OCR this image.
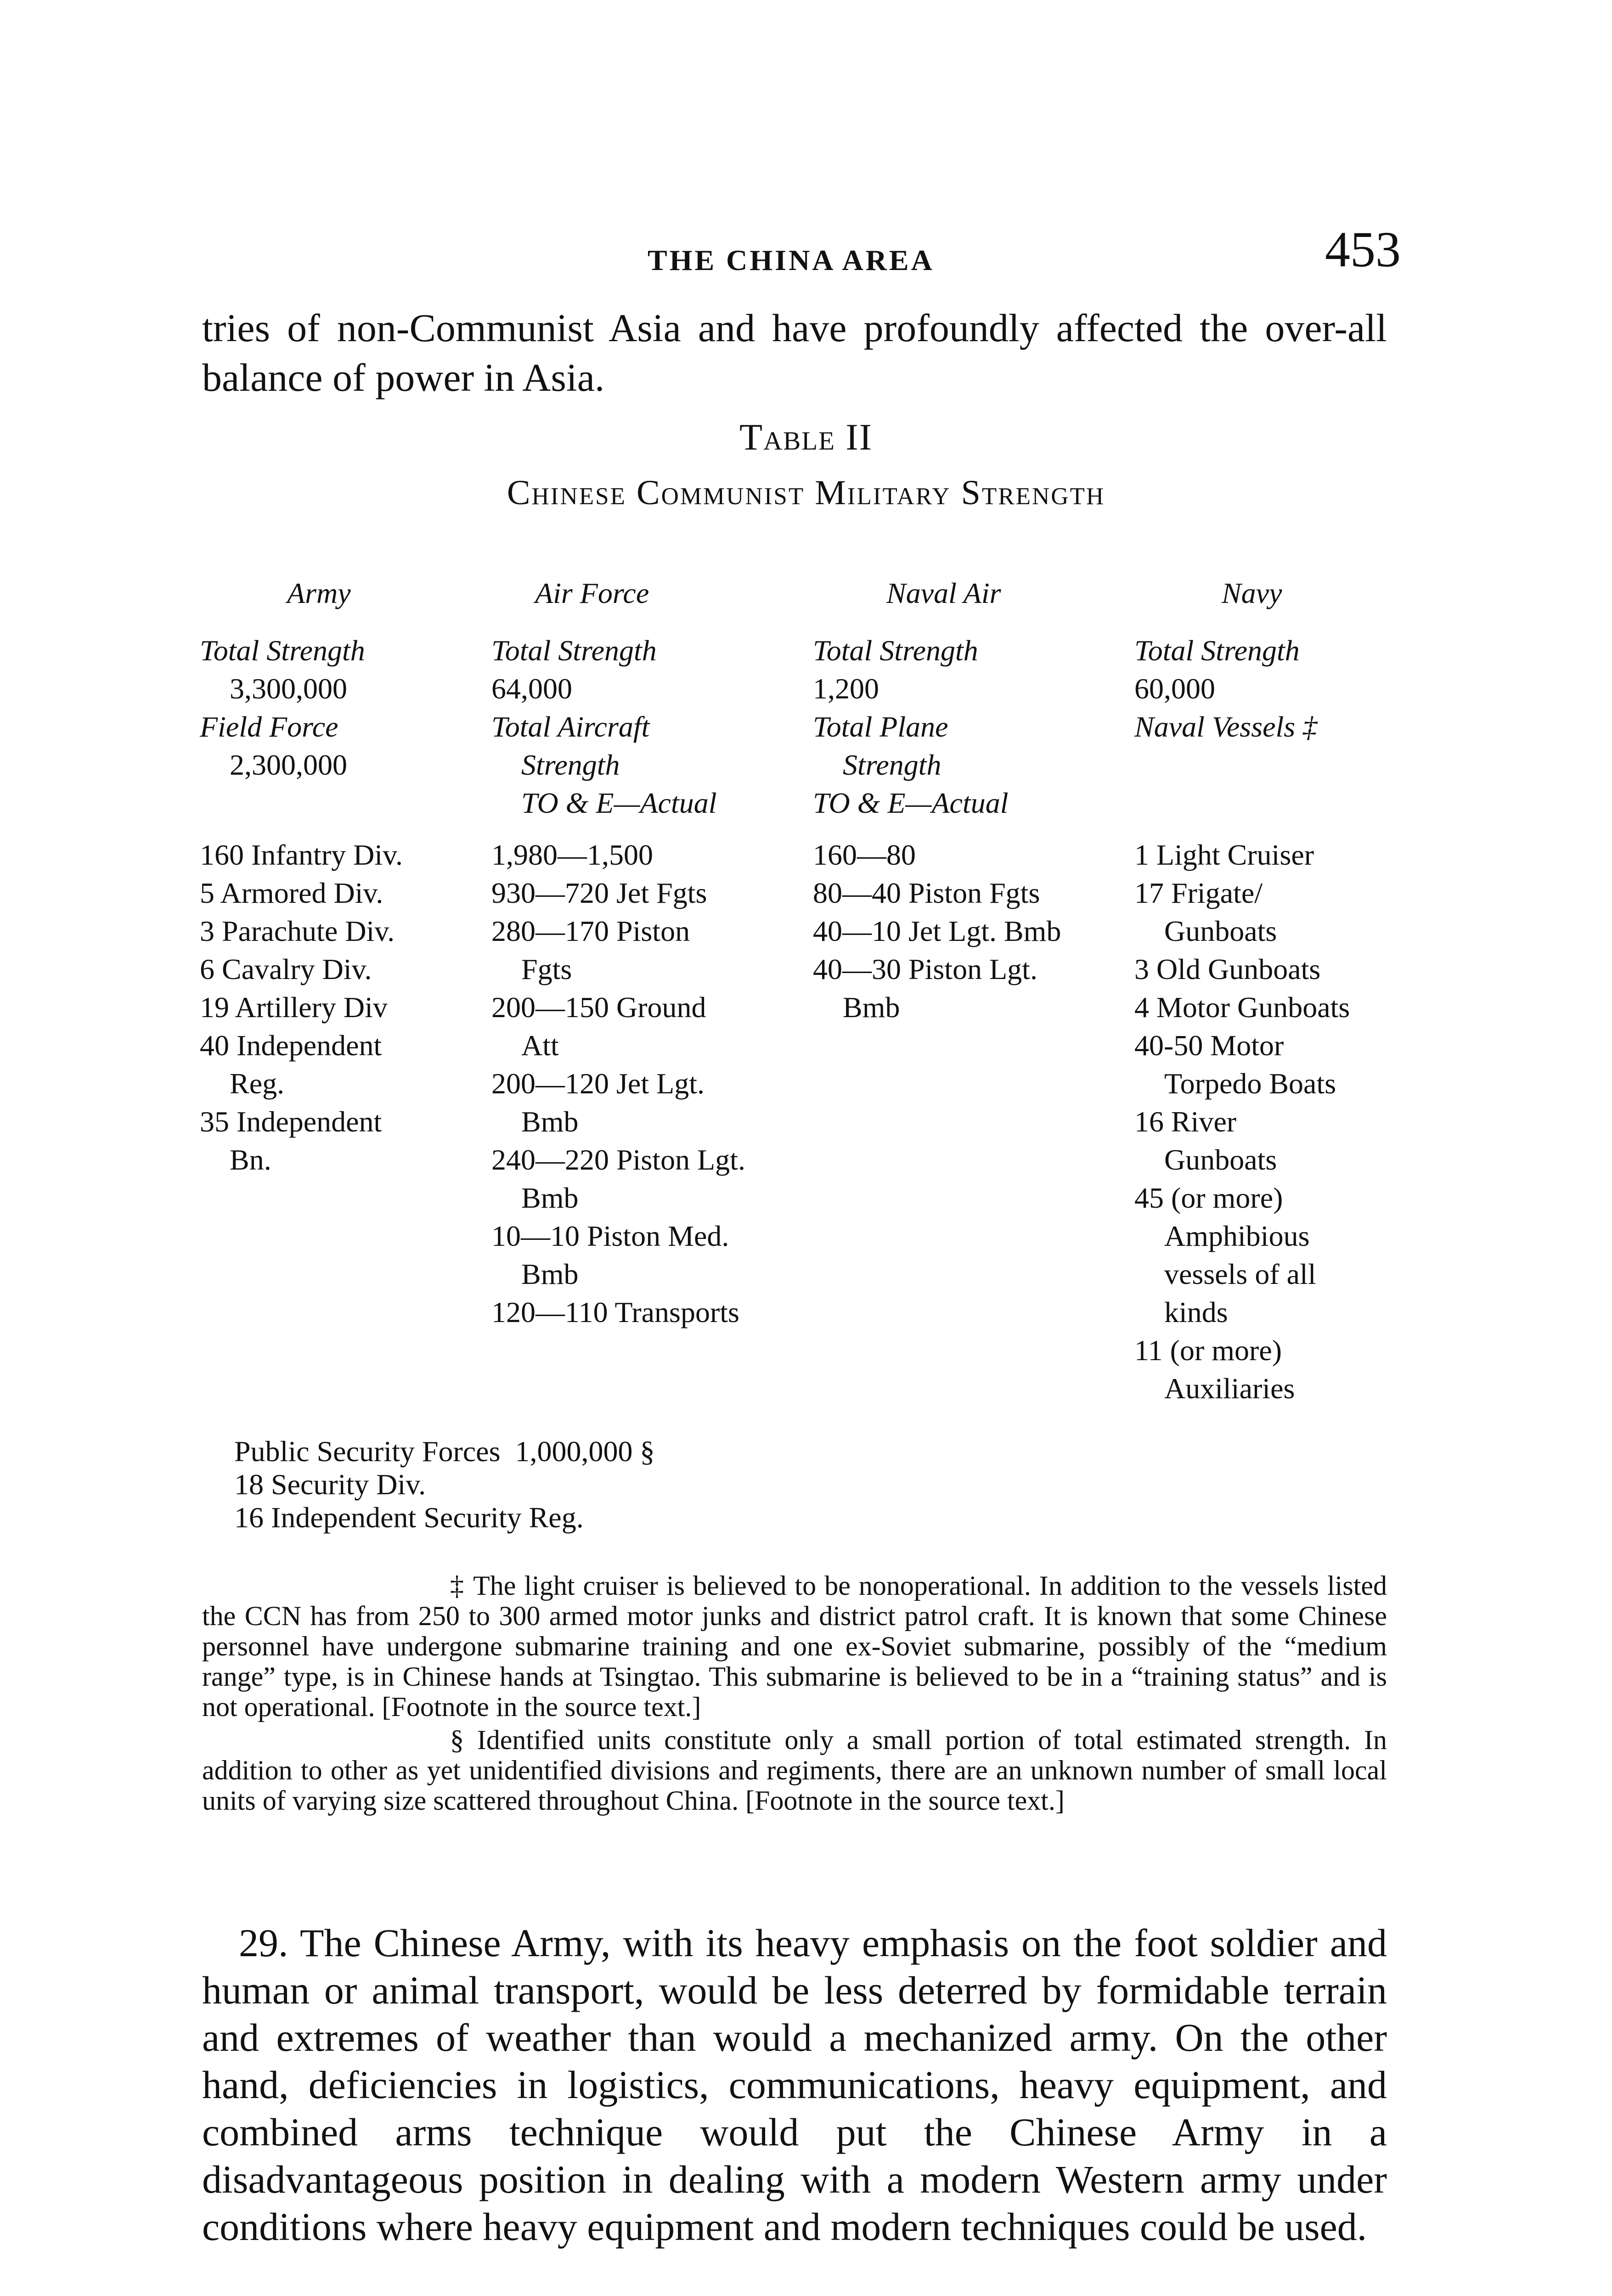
THE CHINA AREA	453
tries of non-Communist Asia and have profoundly affected the over-all balance of power in Asia.
Table II
Chinese Communist Military Strength
Army
Total Strength
3,300,000
Field Force
2,300,000
160 Infantry Div.
5 Armored Div.
3 Parachute Div.
6 Cavalry Div.
19 Artillery Div
40 Independent
Reg.
35 Independent
Bn.
Air Force
Total Strength
64,000
Total Aircraft
Strength
TO & E—Actual
1,980—1,500
930—720 Jet Fgts
280—170 Piston
Fgts
200—150 Ground
Att
200—120 Jet Lgt.
Bmb
240—220 Piston Lgt.
Bmb
10—10 Piston Med.
Bmb
120—110 Transports
Naval Air
Total Strength
1,200
Total Plane
Strength
TO & E—Actual
160—80
80—40 Piston Fgts
40—10 Jet Lgt. Bmb
40—30 Piston Lgt.
Bmb
Navy
Total Strength
60,000
Naval Vessels ‡
1 Light Cruiser
17 Frigate/
Gunboats
3 Old Gunboats
4 Motor Gunboats
40-50 Motor
Torpedo Boats
16 River
Gunboats
45 (or more)
Amphibious
vessels of all
kinds
11 (or more)
Auxiliaries
Public Security Forces  1,000,000 §
18 Security Div.
16 Independent Security Reg.

‡ The light cruiser is believed to be nonoperational. In addition to the vessels listed the CCN has from 250 to 300 armed motor junks and district patrol craft. It is known that some Chinese personnel have undergone submarine training and one ex-Soviet submarine, possibly of the “medium range” type, is in Chinese hands at Tsingtao. This submarine is believed to be in a “training status” and is not operational. [Footnote in the source text.]

§ Identified units constitute only a small portion of total estimated strength. In addition to other as yet unidentified divisions and regiments, there are an unknown number of small local units of varying size scattered throughout China. [Footnote in the source text.]

29. The Chinese Army, with its heavy emphasis on the foot soldier and human or animal transport, would be less deterred by formidable terrain and extremes of weather than would a mechanized army. On the other hand, deficiencies in logistics, communications, heavy equipment, and combined arms technique would put the Chinese Army in a disadvantageous position in dealing with a modern Western army under conditions where heavy equipment and modern techniques could be used.
